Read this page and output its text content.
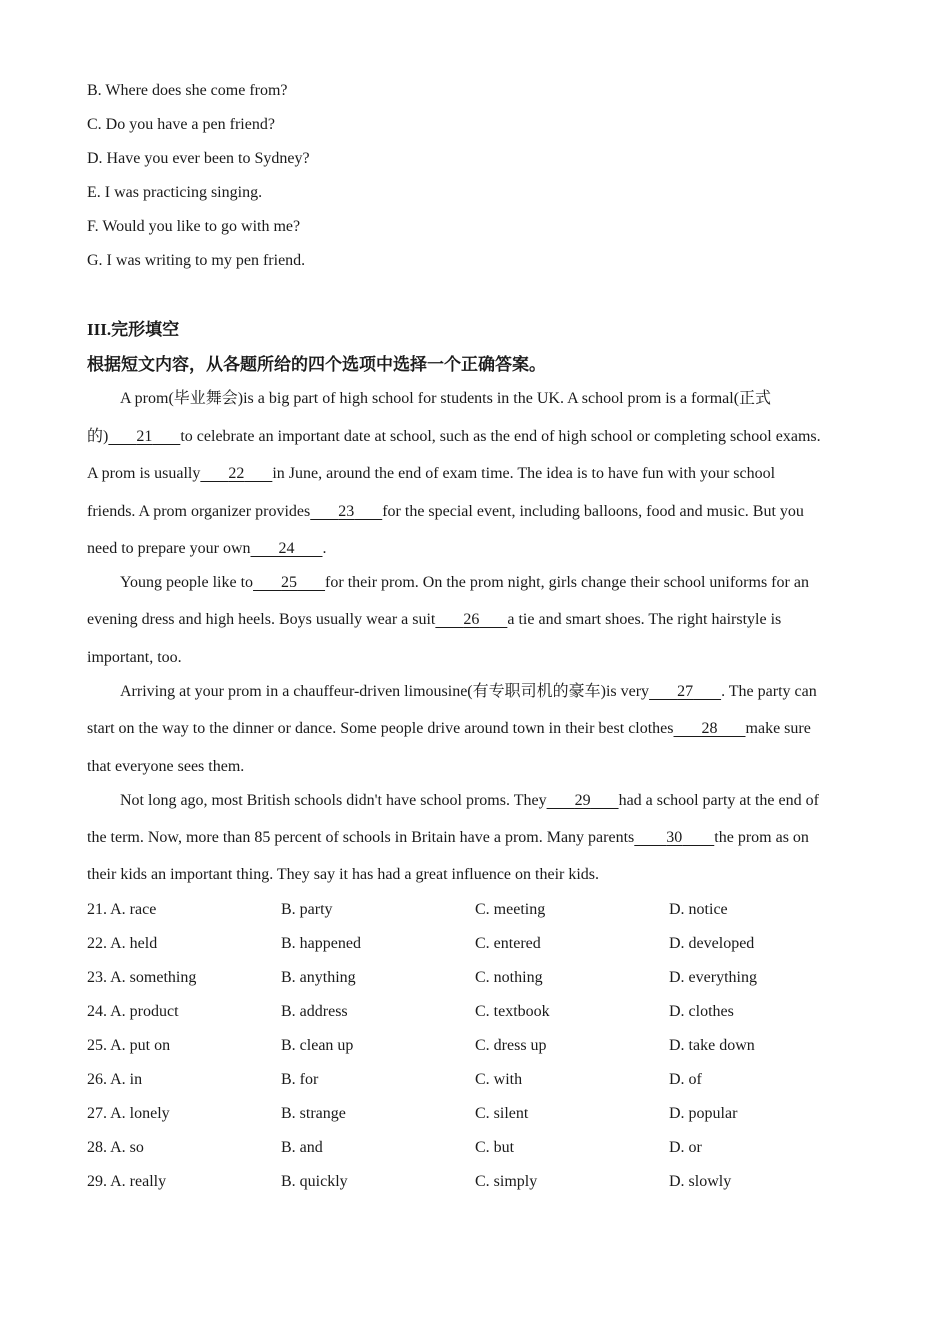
B. Where does she come from?
C. Do you have a pen friend?
D. Have you ever been to Sydney?
E. I was practicing singing.
F. Would you like to go with me?
G. I was writing to my pen friend.
III.完形填空
根据短文内容，从各题所给的四个选项中选择一个正确答案。
A prom(毕业舞会)is a big part of high school for students in the UK. A school prom is a formal(正式
的) 21 to celebrate an important date at school, such as the end of high school or completing school exams.
A prom is usually 22 in June, around the end of exam time. The idea is to have fun with your school
friends. A prom organizer provides 23 for the special event, including balloons, food and music. But you
need to prepare your own 24 .
Young people like to 25 for their prom. On the prom night, girls change their school uniforms for an
evening dress and high heels. Boys usually wear a suit 26 a tie and smart shoes. The right hairstyle is
important, too.
Arriving at your prom in a chauffeur-driven limousine(有专职司机的豪车)is very 27 . The party can
start on the way to the dinner or dance. Some people drive around town in their best clothes 28 make sure
that everyone sees them.
Not long ago, most British schools didn't have school proms. They 29 had a school party at the end of
the term. Now, more than 85 percent of schools in Britain have a prom. Many parents 30 the prom as on
their kids an important thing. They say it has had a great influence on their kids.
21. A. race	B. party	C. meeting	D. notice
22. A. held	B. happened	C. entered	D. developed
23. A. something	B. anything	C. nothing	D. everything
24. A. product	B. address	C. textbook	D. clothes
25. A. put on	B. clean up	C. dress up	D. take down
26. A. in	B. for	C. with	D. of
27. A. lonely	B. strange	C. silent	D. popular
28. A. so	B. and	C. but	D. or
29. A. really	B. quickly	C. simply	D. slowly
